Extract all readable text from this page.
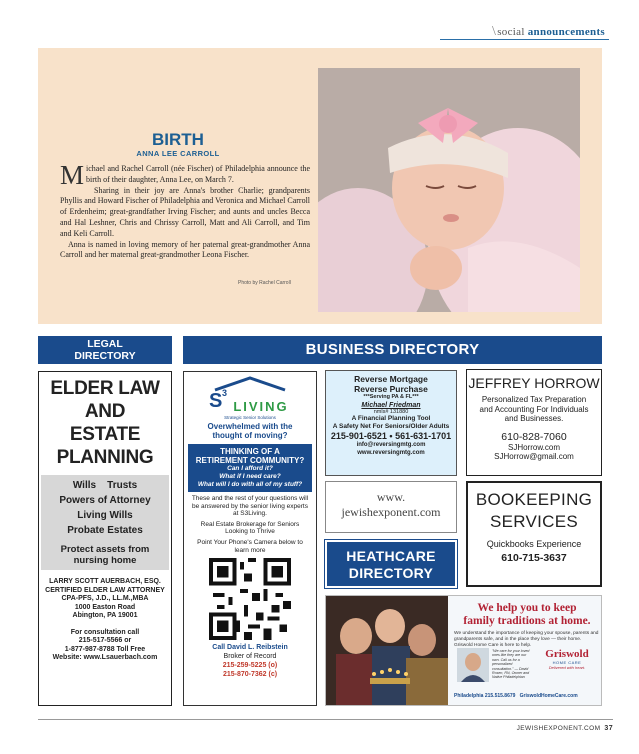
\social announcements
BIRTH
ANNA LEE CARROLL

Michael and Rachel Carroll (née Fischer) of Philadelphia announce the birth of their daughter, Anna Lee, on March 7.

Sharing in their joy are Anna's brother Charlie; grandparents Phyllis and Howard Fischer of Philadelphia and Veronica and Michael Carroll of Erdenheim; great-grandfather Irving Fischer; and aunts and uncles Becca and Hal Leshner, Chris and Chrissy Carroll, Matt and Ali Carroll, and Tim and Keli Carroll.

Anna is named in loving memory of her paternal great-grandmother Anna Carroll and her maternal great-grandmother Leona Fischer.

Photo by Rachel Carroll
LEGAL
DIRECTORY	BUSINESS DIRECTORY
ELDER LAW
AND
ESTATE
PLANNING
Wills    Trusts
Powers of Attorney
Living Wills
Probate Estates
Protect assets from
nursing home
LARRY SCOTT AUERBACH, ESQ.
CERTIFIED ELDER LAW ATTORNEY
CPA-PFS, J.D., LL.M.,MBA
1000 Easton Road
Abington, PA 19001
For consultation call
215-517-5566 or
1-877-987-8788 Toll Free
Website: www.Lsauerbach.com
S 3
LIVING
Strategic Senior Solutions
Overwhelmed with the
thought of moving?
THINKING OF A
RETIREMENT COMMUNITY?
Can I afford it?
What if I need care?
What will I do with all of my stuff?
These and the rest of your questions will be answered by the senior living experts at S3Living.
Real Estate Brokerage for Seniors Looking to Thrive
Point Your Phone's Camera below to learn more
Call David L. Reibstein
Broker of Record
215-259-5225 (o)
215-870-7362 (c)
Reverse Mortgage
Reverse Purchase
***Serving PA & FL***
Michael Friedman
nmls# 131880
A Financial Planning Tool
A Safety Net For Seniors/Older Adults
215-901-6521 • 561-631-1701
info@reversingmtg.com
www.reversingmtg.com
www.
jewishexponent.com
HEATHCARE
DIRECTORY
JEFFREY HORROW
Personalized Tax Preparation
and Accounting For Individuals
and Businesses.
610-828-7060
SJHorrow.com
SJHorrow@gmail.com
BOOKEEPING
SERVICES
Quickbooks Experience
610-715-3637
We help you to keep
family traditions at home.
We understand the importance of keeping your spouse, parents and grandparents safe, and in the place they love — their home. Griswold Home Care is here to help.
"We care for your loved ones like they are our own. Call us for a personalized consultation." — David Rosen, RN, Owner and Native Philadelphian
Griswold
HOME CARE
Delivered with heart.
Philadelphia 215.515.8679 GriswoldHomeCare.com
JEWISHEXPONENT.COM 37
